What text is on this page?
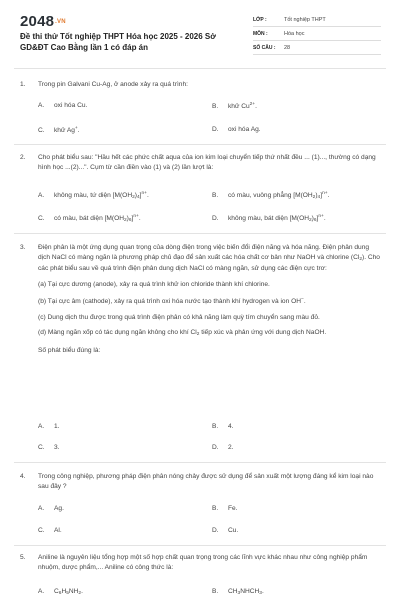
2048.VN
Đề thi thử Tốt nghiệp THPT Hóa học 2025 - 2026 Sở GD&ĐT Cao Bằng lần 1 có đáp án
LỚP :	Tốt nghiệp THPT
MÔN :	Hóa học
SỐ CÂU :	28
1.	Trong pin Galvani Cu-Ag, ở anode xảy ra quá trình:
A. oxi hóa Cu.	B. khử $Cu^{2+}$.
C. khử Ag+.	D. oxi hóa Ag.
2.	Cho phát biểu sau: "Hầu hết các phức chất aqua của ion kim loại chuyển tiếp thứ nhất đều ... (1)..., thường có dạng hình học ...(2)...". Cụm từ cần điền vào (1) và (2) lần lượt là:
A. không màu, tứ diện $[M(OH2)4]^{n+}$.	B. có màu, vuông phẳng $[M(OH2)4]^{n+}$.
C. có màu, bát diện $[M(OH2)6]^{n+}$.	D. không màu, bát diện $[M(OH2)6]^{n+}$.
3.	Điện phân là một ứng dụng quan trọng của dòng điện trong việc biến đổi điện năng và hóa năng. Điện phân dung dịch NaCl có màng ngăn là phương pháp chủ đạo để sản xuất các hóa chất cơ bản như NaOH và chlorine (Cl2). Cho các phát biểu sau về quá trình điện phân dung dịch NaCl có màng ngăn, sử dụng các điện cực trơ:
(a) Tại cực dương (anode), xảy ra quá trình khử ion chloride thành khí chlorine.
(b) Tại cực âm (cathode), xảy ra quá trình oxi hóa nước tạo thành khí hydrogen và ion OH−.
(c) Dung dịch thu được trong quá trình điện phân có khả năng làm quỳ tím chuyển sang màu đỏ.
(d) Màng ngăn xốp có tác dụng ngăn không cho khí Cl2 tiếp xúc và phản ứng với dung dịch NaOH.
Số phát biểu đúng là:
A. 1.	B. 4.
C. 3.	D. 2.
4.	Trong công nghiệp, phương pháp điện phân nóng chảy được sử dụng để sản xuất một lượng đáng kể kim loại nào sau đây ?
A. Ag.	B. Fe.
C. Al.	D. Cu.
5.	Aniline là nguyên liệu tổng hợp một số hợp chất quan trọng trong các lĩnh vực khác nhau như công nghiệp phẩm nhuộm, dược phẩm,... Aniline có công thức là:
A. C6H5NH2.	B. CH3NHCH3.
